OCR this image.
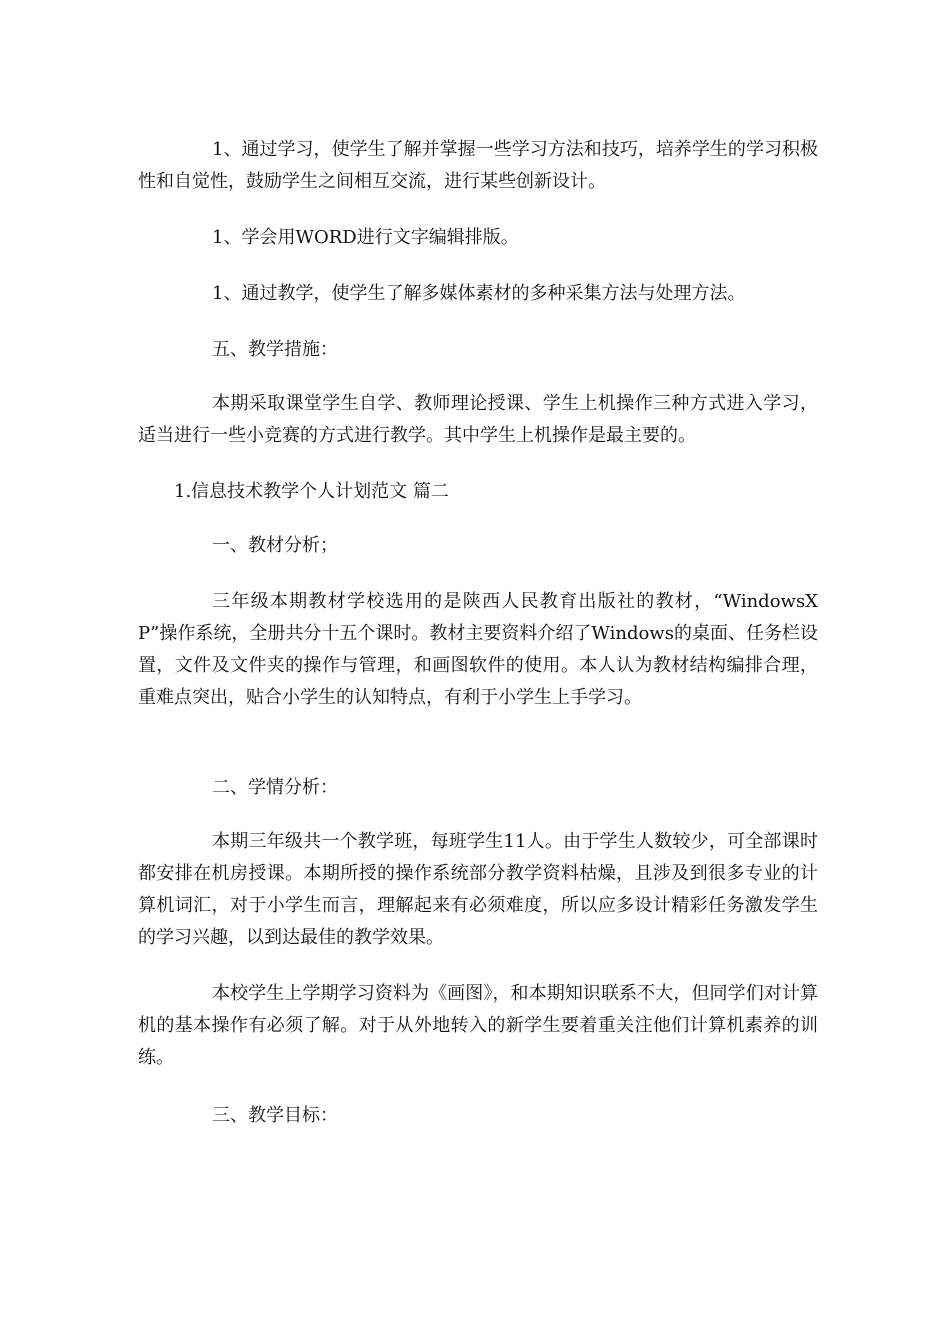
1、通过学习，使学生了解并掌握一些学习方法和技巧，培养学生的学习积极性和自觉性，鼓励学生之间相互交流，进行某些创新设计。

1、学会用WORD进行文字编辑排版。

1、通过教学，使学生了解多媒体素材的多种采集方法与处理方法。

五、教学措施：

本期采取课堂学生自学、教师理论授课、学生上机操作三种方式进入学习，适当进行一些小竞赛的方式进行教学。其中学生上机操作是最主要的。

1.信息技术教学个人计划范文 篇二

一、教材分析；

三年级本期教材学校选用的是陕西人民教育出版社的教材，“WindowsXP”操作系统，全册共分十五个课时。教材主要资料介绍了Windows的桌面、任务栏设置，文件及文件夹的操作与管理，和画图软件的使用。本人认为教材结构编排合理，重难点突出，贴合小学生的认知特点，有利于小学生上手学习。

二、学情分析：

本期三年级共一个教学班，每班学生11人。由于学生人数较少，可全部课时都安排在机房授课。本期所授的操作系统部分教学资料枯燥，且涉及到很多专业的计算机词汇，对于小学生而言，理解起来有必须难度，所以应多设计精彩任务激发学生的学习兴趣，以到达最佳的教学效果。

本校学生上学期学习资料为《画图》，和本期知识联系不大，但同学们对计算机的基本操作有必须了解。对于从外地转入的新学生要着重关注他们计算机素养的训练。

三、教学目标：
